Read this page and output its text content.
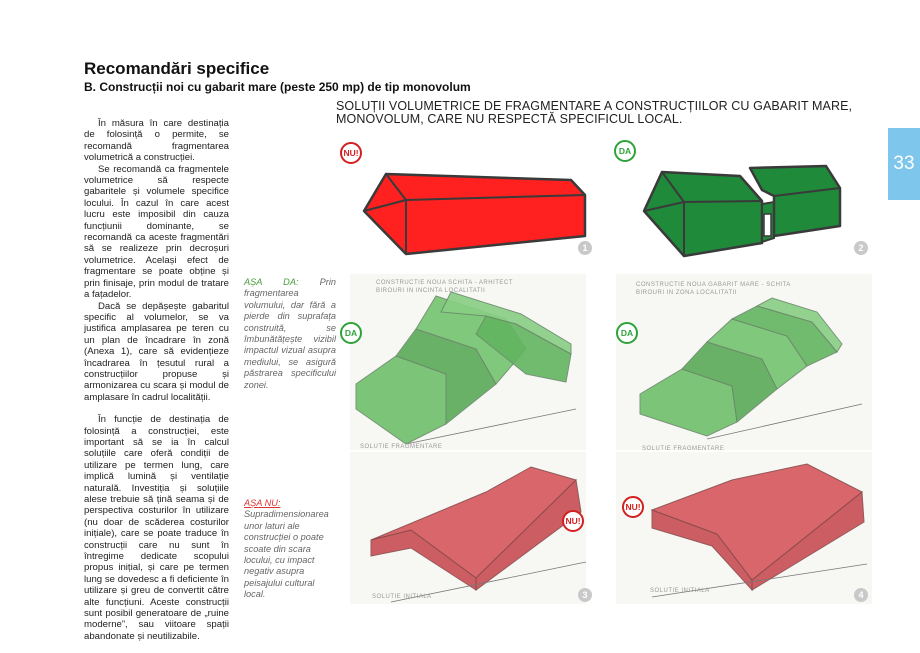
Recomandări specifice
B. Construcții noi cu gabarit mare (peste 250 mp) de tip monovolum

În măsura în care destinația de folosință o permite, se recomandă fragmentarea volumetrică a construcției.

Se recomandă ca fragmentele volumetrice să respecte gabaritele și volumele specifice locului. În cazul în care acest lucru este imposibil din cauza funcțiunii dominante, se recomandă ca aceste fragmentări să se realizeze prin decroșuri volumetrice. Același efect de fragmentare se poate obține și prin finisaje, prin modul de tratare a fațadelor.

Dacă se depășește gabaritul specific al volumelor, se va justifica amplasarea pe teren cu un plan de încadrare în zonă (Anexa 1), care să evidențieze încadrarea în țesutul rural a construcțiilor propuse și armonizarea cu scara și modul de amplasare în cadrul localității.

În funcție de destinația de folosință a construcției, este important să se ia în calcul soluțiile care oferă condiții de utilizare pe termen lung, care implică lumină și ventilație naturală. Investiția și soluțiile alese trebuie să țină seama și de perspectiva costurilor în utilizare (nu doar de scăderea costurilor inițiale), care se poate traduce în construcții care nu sunt în întregime dedicate scopului propus inițial, și care pe termen lung se dovedesc a fi deficiente în utilizare și greu de convertit către alte funcțiuni. Aceste construcții sunt posibil generatoare de „ruine moderne”, sau viitoare spații abandonate și neutilizabile.

SOLUȚII VOLUMETRICE DE FRAGMENTARE A CONSTRUCȚIILOR CU GABARIT MARE,
MONOVOLUM, CARE NU RESPECTĂ SPECIFICUL LOCAL.
33
AȘA DA: Prin fragmentarea volumului, dar fără a pierde din suprafața construită, se îmbunătățește vizibil impactul vizual asupra mediului, se asigură păstrarea specificului zonei.
AȘA NU:
Supradimensionarea unor laturi ale construcției o poate scoate din scara locului, cu impact negativ asupra peisajului cultural local.
NU!
1
DA
2
CONSTRUCTIE NOUA SCHITA - ARHITECT
BIROURI IN INCINTA LOCALITATII
DA
SOLUTIE FRAGMENTARE
CONSTRUCTIE NOUA GABARIT MARE - SCHITA
BIROURI IN ZONA LOCALITATII
DA
SOLUTIE FRAGMENTARE
NU!
SOLUTIE INITIALA	3
NU!
SOLUTIE INITIALA	4
